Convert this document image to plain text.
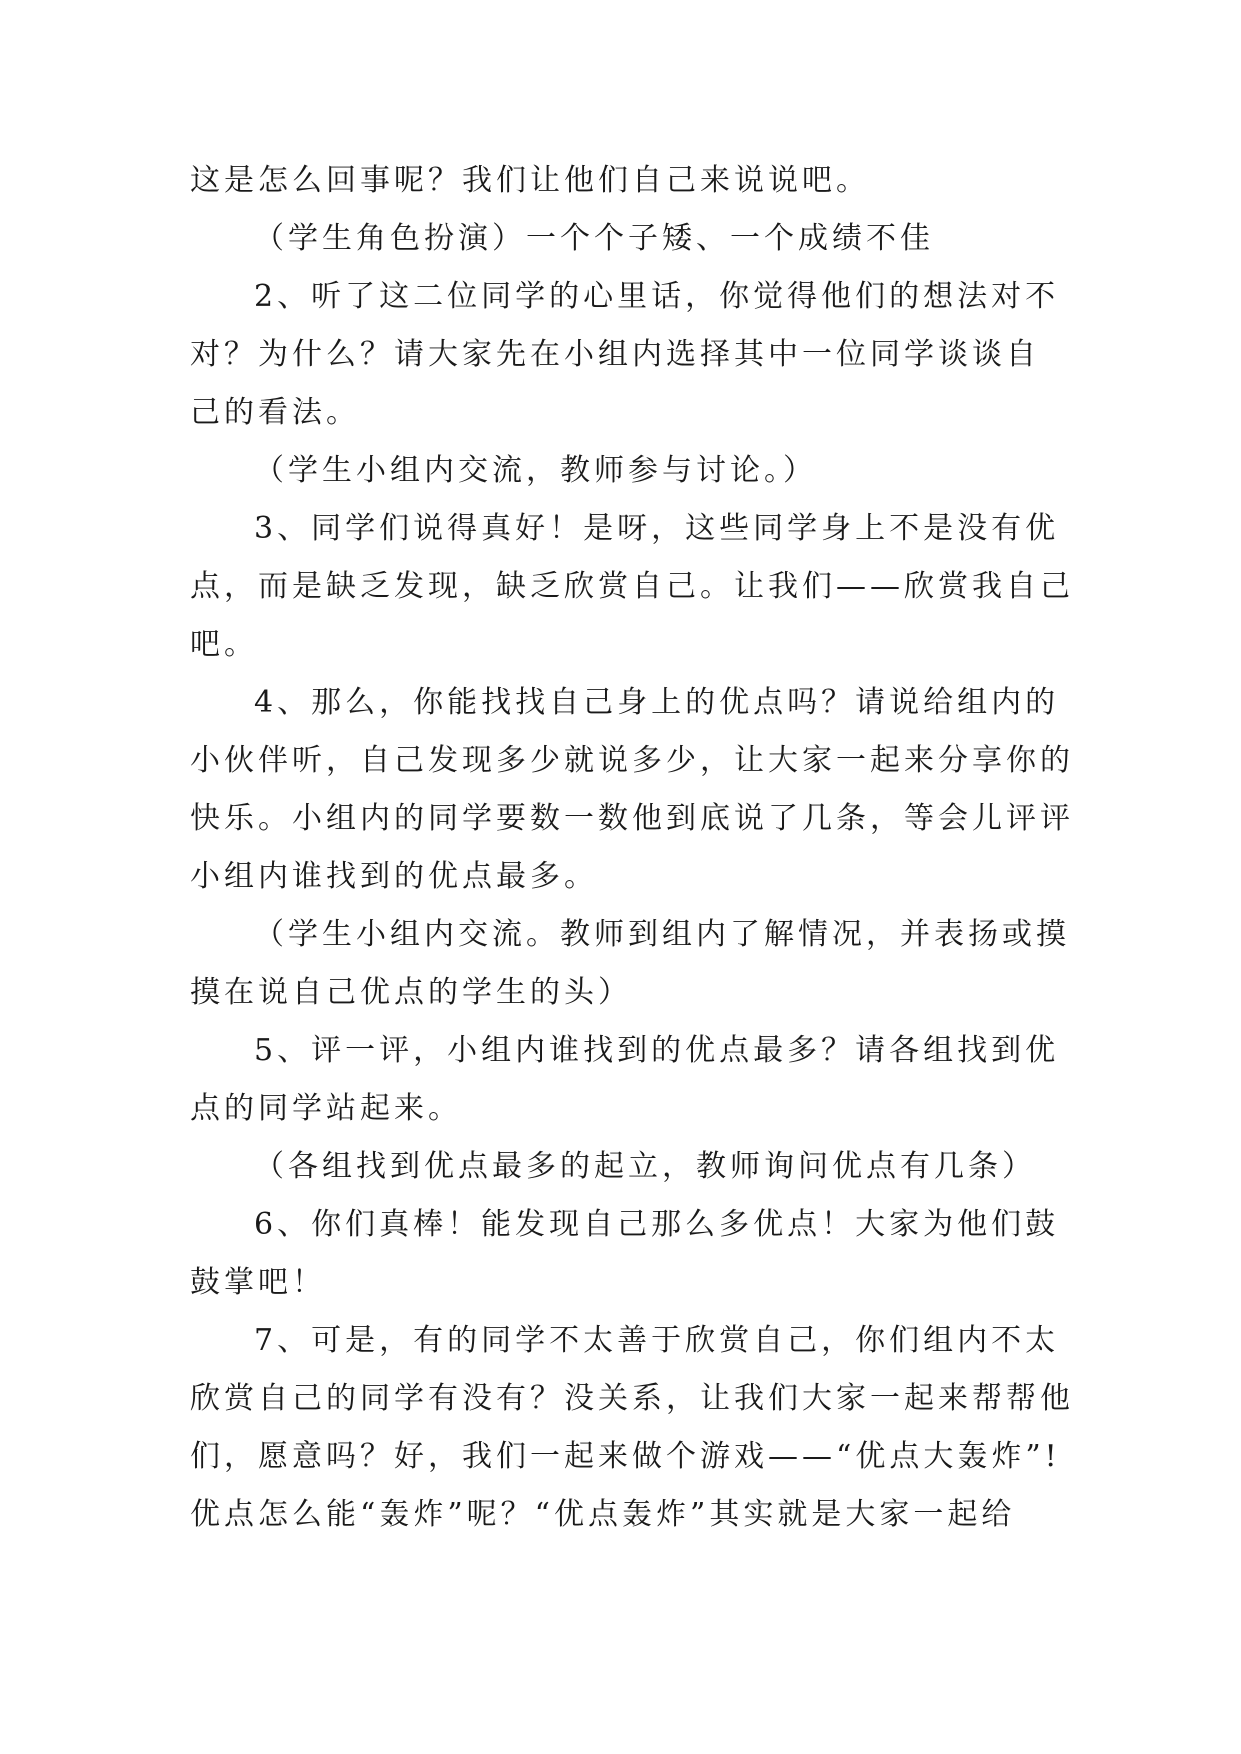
这是怎么回事呢？我们让他们自己来说说吧。
（学生角色扮演）一个个子矮、一个成绩不佳
2、听了这二位同学的心里话，你觉得他们的想法对不
对？为什么？请大家先在小组内选择其中一位同学谈谈自
己的看法。
（学生小组内交流，教师参与讨论。）
3、同学们说得真好！是呀，这些同学身上不是没有优
点，而是缺乏发现，缺乏欣赏自己。让我们——欣赏我自己
吧。
4、那么，你能找找自己身上的优点吗？请说给组内的
小伙伴听，自己发现多少就说多少，让大家一起来分享你的
快乐。小组内的同学要数一数他到底说了几条，等会儿评评
小组内谁找到的优点最多。
（学生小组内交流。教师到组内了解情况，并表扬或摸
摸在说自己优点的学生的头）
5、评一评，小组内谁找到的优点最多？请各组找到优
点的同学站起来。
（各组找到优点最多的起立，教师询问优点有几条）
6、你们真棒！能发现自己那么多优点！大家为他们鼓
鼓掌吧！
7、可是，有的同学不太善于欣赏自己，你们组内不太
欣赏自己的同学有没有？没关系，让我们大家一起来帮帮他
们，愿意吗？好，我们一起来做个游戏——“优点大轰炸”!
优点怎么能“轰炸”呢？“优点轰炸”其实就是大家一起给
